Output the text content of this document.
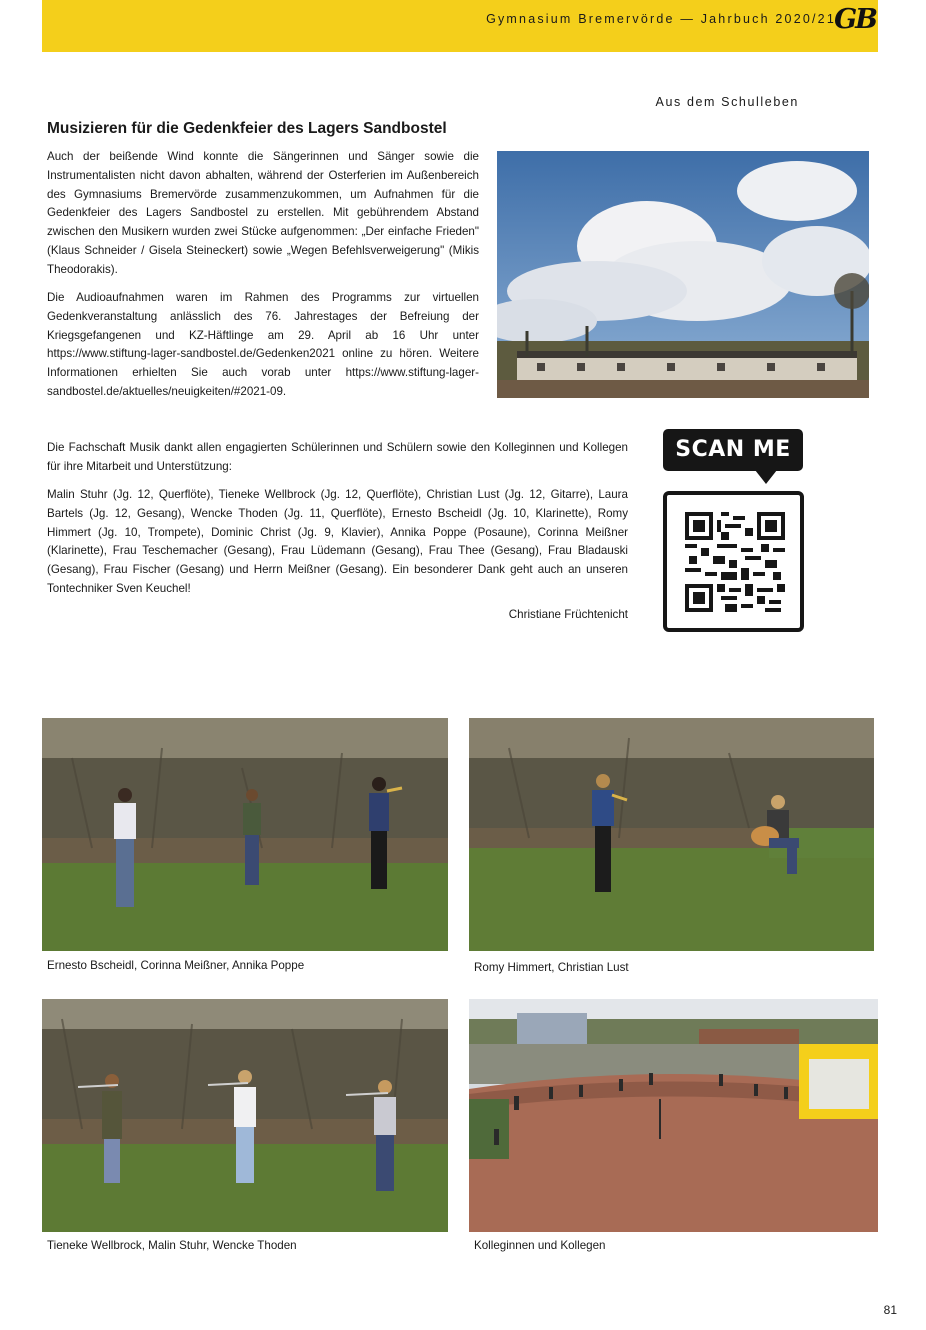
Gymnasium Bremervörde — Jahrbuch 2020/21
GB
Aus dem Schulleben
Musizieren für die Gedenkfeier des Lagers Sandbostel

Auch der beißende Wind konnte die Sängerinnen und Sänger sowie die Instrumentalisten nicht davon abhalten, während der Osterferien im Außenbereich des Gymnasiums Bremervörde zusammenzukommen, um Aufnahmen für die Gedenkfeier des Lagers Sandbostel zu erstellen. Mit gebührendem Abstand zwischen den Musikern wurden zwei Stücke aufgenommen: „Der einfache Frieden" (Klaus Schneider / Gisela Steineckert) sowie „Wegen Befehlsverweigerung" (Mikis Theodorakis).

Die Audioaufnahmen waren im Rahmen des Programms zur virtuellen Gedenkveranstaltung anlässlich des 76. Jahrestages der Befreiung der Kriegsgefangenen und KZ-Häftlinge am 29. April ab 16 Uhr unter https://www.stiftung-lager-sandbostel.de/Gedenken2021 online zu hören. Weitere Informationen erhielten Sie auch vorab unter https://www.stiftung-lager-sandbostel.de/aktuelles/neuigkeiten/#2021-09.

Die Fachschaft Musik dankt allen engagierten Schülerinnen und Schülern sowie den Kolleginnen und Kollegen für ihre Mitarbeit und Unterstützung:

Malin Stuhr (Jg. 12, Querflöte), Tieneke Wellbrock (Jg. 12, Querflöte), Christian Lust (Jg. 12, Gitarre), Laura Bartels (Jg. 12, Gesang), Wencke Thoden (Jg. 11, Querflöte), Ernesto Bscheidl (Jg. 10, Klarinette), Romy Himmert (Jg. 10, Trompete), Dominic Christ (Jg. 9, Klavier), Annika Poppe (Posaune), Corinna Meißner (Klarinette), Frau Teschemacher (Gesang), Frau Lüdemann (Gesang), Frau Thee (Gesang), Frau Bladauski (Gesang), Frau Fischer (Gesang) und Herrn Meißner (Gesang). Ein besonderer Dank geht auch an unseren Tontechniker Sven Keuchel!

Christiane Früchtenicht
SCAN ME
Ernesto Bscheidl, Corinna Meißner, Annika Poppe	Romy Himmert, Christian Lust
Tieneke Wellbrock, Malin Stuhr, Wencke Thoden	Kolleginnen und Kollegen
81
